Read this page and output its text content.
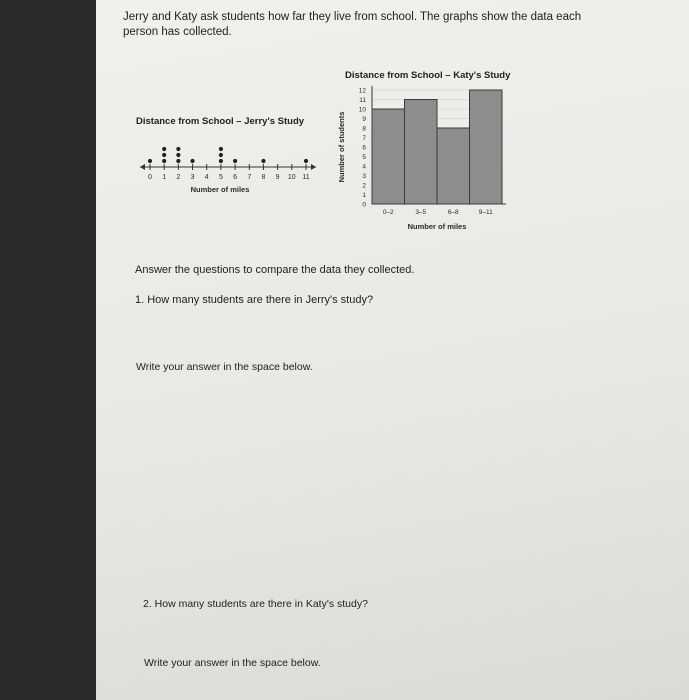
Jerry and Katy ask students how far they live from school. The graphs show the data each person has collected.
Distance from School – Jerry's Study
0 1 2 3 4 5 6 7 8 9 10 11
Number of miles
Distance from School – Katy's Study
0
1
2
3
4
5
6
7
8
9
10
11
12
0–2	3–5	6–8	9–11
Number of miles
Number of students
Answer the questions to compare the data they collected.
1. How many students are there in Jerry's study?
Write your answer in the space below.
2. How many students are there in Katy's study?
Write your answer in the space below.
